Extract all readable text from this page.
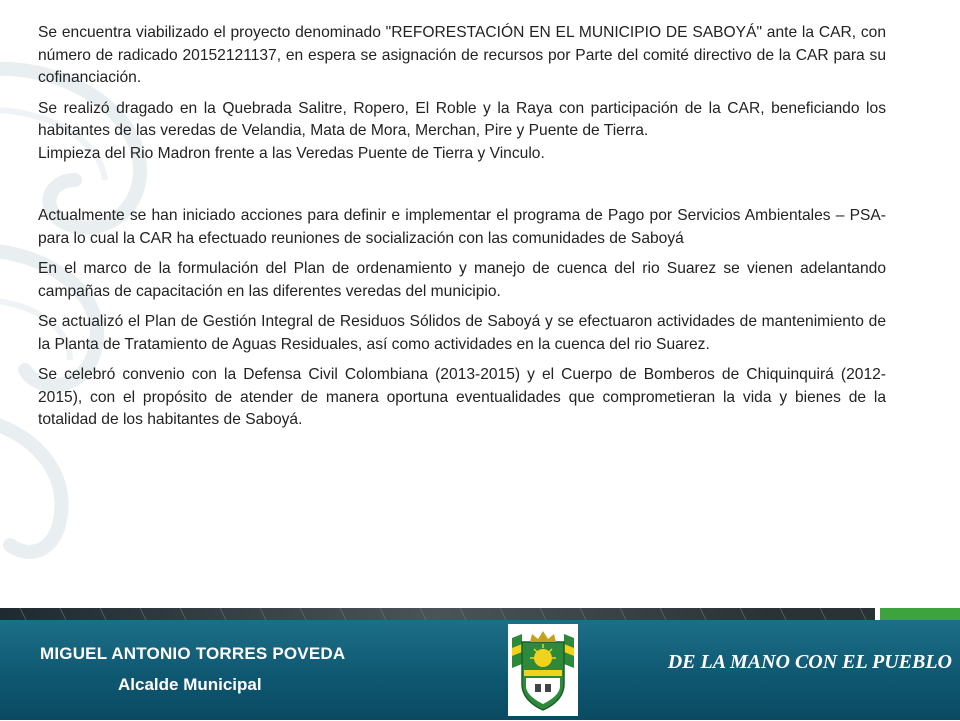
Se encuentra viabilizado el proyecto denominado "REFORESTACIÓN EN EL MUNICIPIO DE SABOYÁ" ante la CAR, con número de radicado 20152121137, en espera se asignación de recursos por Parte del comité directivo de la CAR para su cofinanciación.

Se realizó dragado en la Quebrada Salitre, Ropero, El Roble y la Raya con participación de la CAR, beneficiando los habitantes de las veredas de Velandia, Mata de Mora, Merchan, Pire y Puente de Tierra.

Limpieza del Rio Madron frente a las Veredas Puente de Tierra y Vinculo.

Actualmente se han iniciado acciones para definir e implementar el programa de Pago por Servicios Ambientales – PSA- para lo cual la CAR ha efectuado reuniones de socialización con las comunidades de Saboyá

En el marco de la formulación del Plan de ordenamiento y manejo de cuenca del rio Suarez se vienen adelantando campañas de capacitación en las diferentes veredas del municipio.

Se actualizó el Plan de Gestión Integral de Residuos Sólidos de Saboyá y se efectuaron actividades de mantenimiento de la Planta de Tratamiento de Aguas Residuales, así como actividades en la cuenca del rio Suarez.

Se celebró convenio con la Defensa Civil Colombiana (2013-2015) y el Cuerpo de Bomberos de Chiquinquirá (2012-2015), con el propósito de atender de manera oportuna eventualidades que comprometieran la vida y bienes de la totalidad de los habitantes de Saboyá.

MIGUEL ANTONIO TORRES POVEDA
Alcalde Municipal
DE LA MANO CON EL PUEBLO
